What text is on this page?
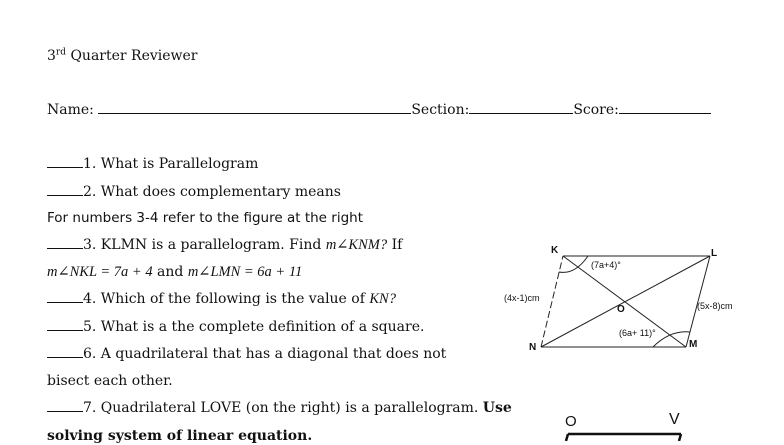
3rd Quarter Reviewer
Name:	Section:	Score:
1. What is Parallelogram
2. What does complementary means
For numbers 3-4 refer to the figure at the right
3. KLMN is a parallelogram. Find m∠KNM? If
m∠NKL = 7a + 4 and m∠LMN = 6a + 11
4. Which of the following is the value of KN?
5. What is a the complete definition of a square.
6. A quadrilateral that has a diagonal that does not
bisect each other.
7. Quadrilateral LOVE (on the right) is a parallelogram. Use
solving system of linear equation.
K	L
M
N
O
(7a+4)°
(6a+ 11)°
(4x-1)cm
(5x-8)cm
O	V
